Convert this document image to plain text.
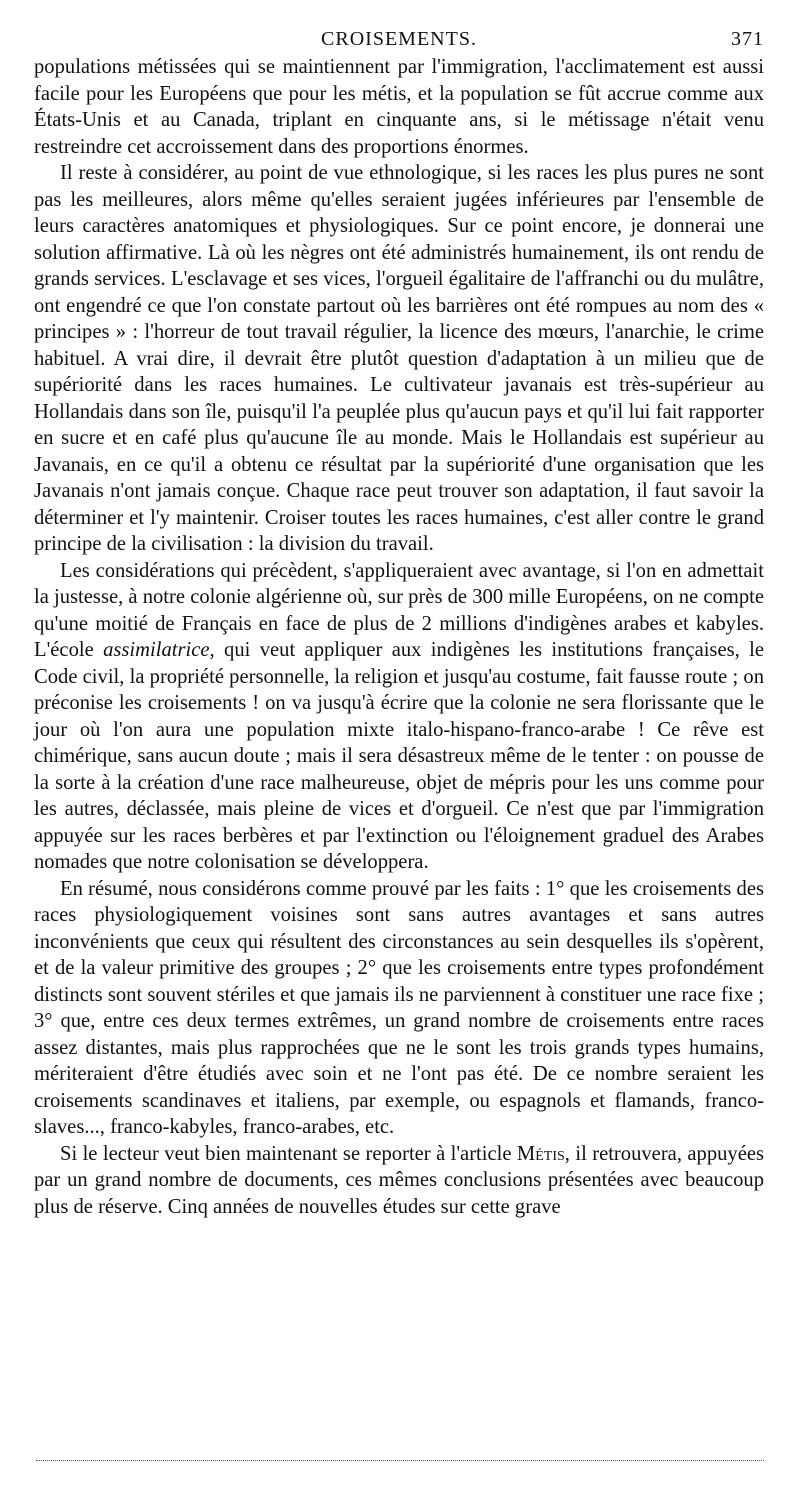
CROISEMENTS.	371

populations métissées qui se maintiennent par l'immigration, l'acclimatement est aussi facile pour les Européens que pour les métis, et la population se fût accrue comme aux États-Unis et au Canada, triplant en cinquante ans, si le métissage n'était venu restreindre cet accroissement dans des proportions énormes.

Il reste à considérer, au point de vue ethnologique, si les races les plus pures ne sont pas les meilleures, alors même qu'elles seraient jugées inférieures par l'ensemble de leurs caractères anatomiques et physiologiques. Sur ce point encore, je donnerai une solution affirmative. Là où les nègres ont été administrés humainement, ils ont rendu de grands services. L'esclavage et ses vices, l'orgueil égalitaire de l'affranchi ou du mulâtre, ont engendré ce que l'on constate partout où les barrières ont été rompues au nom des « principes » : l'horreur de tout travail régulier, la licence des mœurs, l'anarchie, le crime habituel. A vrai dire, il devrait être plutôt question d'adaptation à un milieu que de supériorité dans les races humaines. Le cultivateur javanais est très-supérieur au Hollandais dans son île, puisqu'il l'a peuplée plus qu'aucun pays et qu'il lui fait rapporter en sucre et en café plus qu'aucune île au monde. Mais le Hollandais est supérieur au Javanais, en ce qu'il a obtenu ce résultat par la supériorité d'une organisation que les Javanais n'ont jamais conçue. Chaque race peut trouver son adaptation, il faut savoir la déterminer et l'y maintenir. Croiser toutes les races humaines, c'est aller contre le grand principe de la civilisation : la division du travail.

Les considérations qui précèdent, s'appliqueraient avec avantage, si l'on en admettait la justesse, à notre colonie algérienne où, sur près de 300 mille Européens, on ne compte qu'une moitié de Français en face de plus de 2 millions d'indigènes arabes et kabyles. L'école assimilatrice, qui veut appliquer aux indigènes les institutions françaises, le Code civil, la propriété personnelle, la religion et jusqu'au costume, fait fausse route ; on préconise les croisements ! on va jusqu'à écrire que la colonie ne sera florissante que le jour où l'on aura une population mixte italo-hispano-franco-arabe ! Ce rêve est chimérique, sans aucun doute ; mais il sera désastreux même de le tenter : on pousse de la sorte à la création d'une race malheureuse, objet de mépris pour les uns comme pour les autres, déclassée, mais pleine de vices et d'orgueil. Ce n'est que par l'immigration appuyée sur les races berbères et par l'extinction ou l'éloignement graduel des Arabes nomades que notre colonisation se développera.

En résumé, nous considérons comme prouvé par les faits : 1° que les croisements des races physiologiquement voisines sont sans autres avantages et sans autres inconvénients que ceux qui résultent des circonstances au sein desquelles ils s'opèrent, et de la valeur primitive des groupes ; 2° que les croisements entre types profondément distincts sont souvent stériles et que jamais ils ne parviennent à constituer une race fixe ; 3° que, entre ces deux termes extrêmes, un grand nombre de croisements entre races assez distantes, mais plus rapprochées que ne le sont les trois grands types humains, mériteraient d'être étudiés avec soin et ne l'ont pas été. De ce nombre seraient les croisements scandinaves et italiens, par exemple, ou espagnols et flamands, franco-slaves..., franco-kabyles, franco-arabes, etc.

Si le lecteur veut bien maintenant se reporter à l'article Métis, il retrouvera, appuyées par un grand nombre de documents, ces mêmes conclusions présentées avec beaucoup plus de réserve. Cinq années de nouvelles études sur cette grave
